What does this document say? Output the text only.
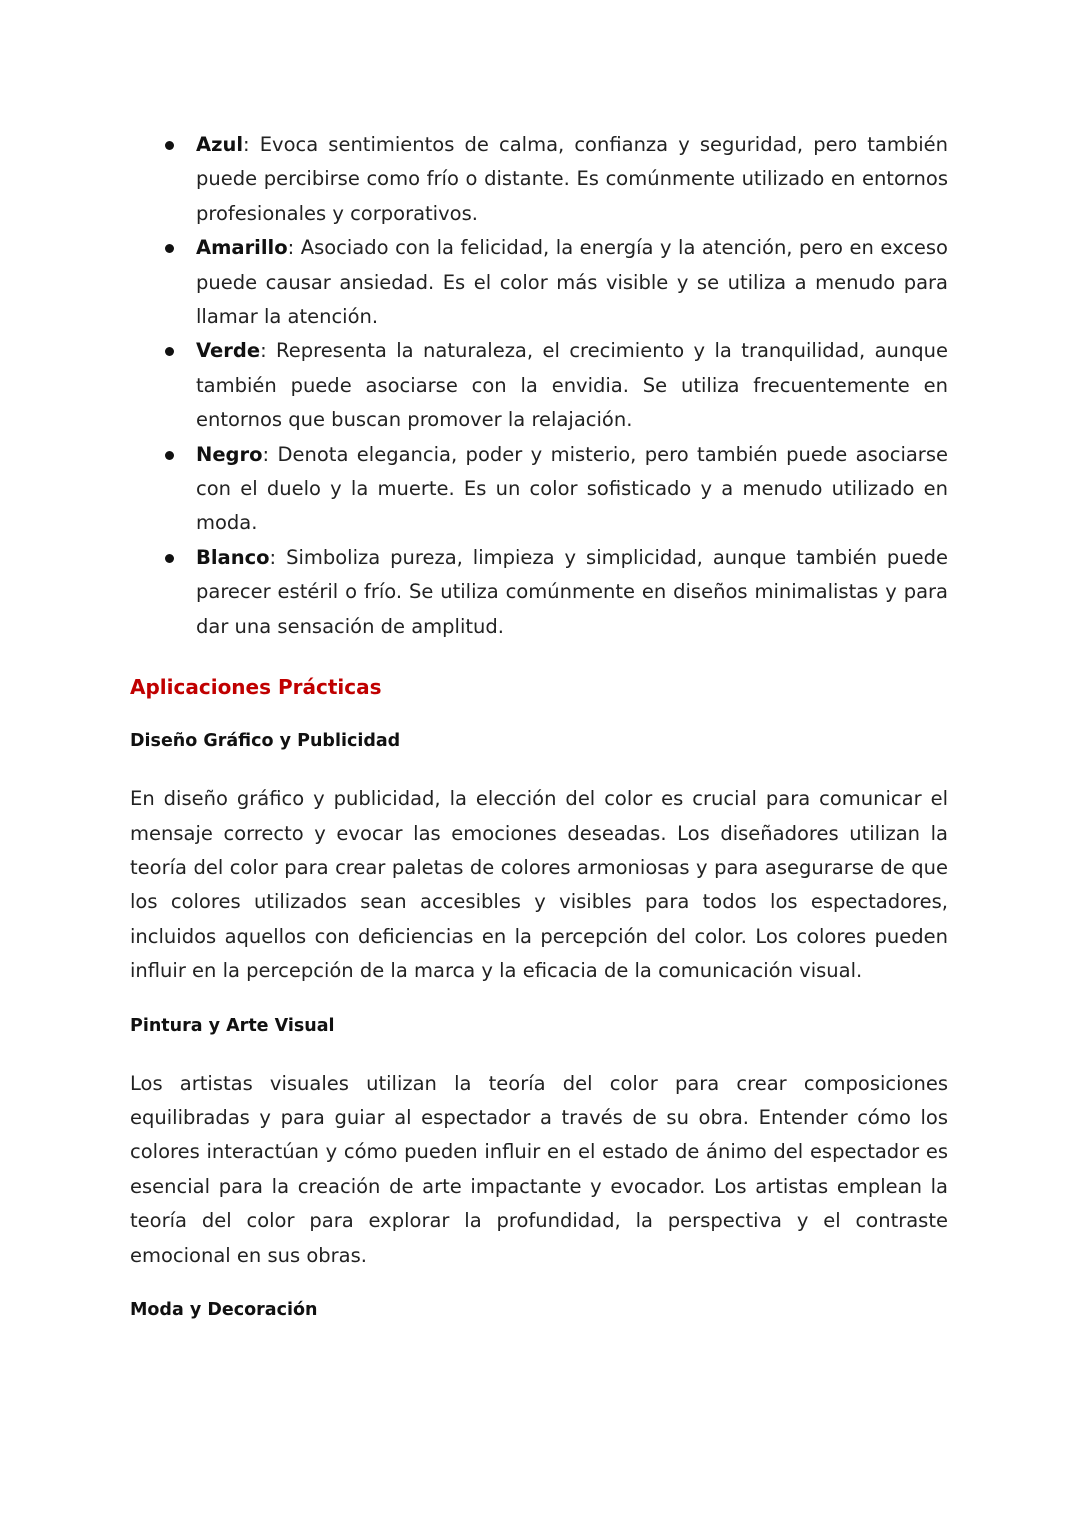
Azul: Evoca sentimientos de calma, confianza y seguridad, pero también puede percibirse como frío o distante. Es comúnmente utilizado en entornos profesionales y corporativos.
Amarillo: Asociado con la felicidad, la energía y la atención, pero en exceso puede causar ansiedad. Es el color más visible y se utiliza a menudo para llamar la atención.
Verde: Representa la naturaleza, el crecimiento y la tranquilidad, aunque también puede asociarse con la envidia. Se utiliza frecuentemente en entornos que buscan promover la relajación.
Negro: Denota elegancia, poder y misterio, pero también puede asociarse con el duelo y la muerte. Es un color sofisticado y a menudo utilizado en moda.
Blanco: Simboliza pureza, limpieza y simplicidad, aunque también puede parecer estéril o frío. Se utiliza comúnmente en diseños minimalistas y para dar una sensación de amplitud.
Aplicaciones Prácticas
Diseño Gráfico y Publicidad

En diseño gráfico y publicidad, la elección del color es crucial para comunicar el mensaje correcto y evocar las emociones deseadas. Los diseñadores utilizan la teoría del color para crear paletas de colores armoniosas y para asegurarse de que los colores utilizados sean accesibles y visibles para todos los espectadores, incluidos aquellos con deficiencias en la percepción del color. Los colores pueden influir en la percepción de la marca y la eficacia de la comunicación visual.

Pintura y Arte Visual

Los artistas visuales utilizan la teoría del color para crear composiciones equilibradas y para guiar al espectador a través de su obra. Entender cómo los colores interactúan y cómo pueden influir en el estado de ánimo del espectador es esencial para la creación de arte impactante y evocador. Los artistas emplean la teoría del color para explorar la profundidad, la perspectiva y el contraste emocional en sus obras.

Moda y Decoración
